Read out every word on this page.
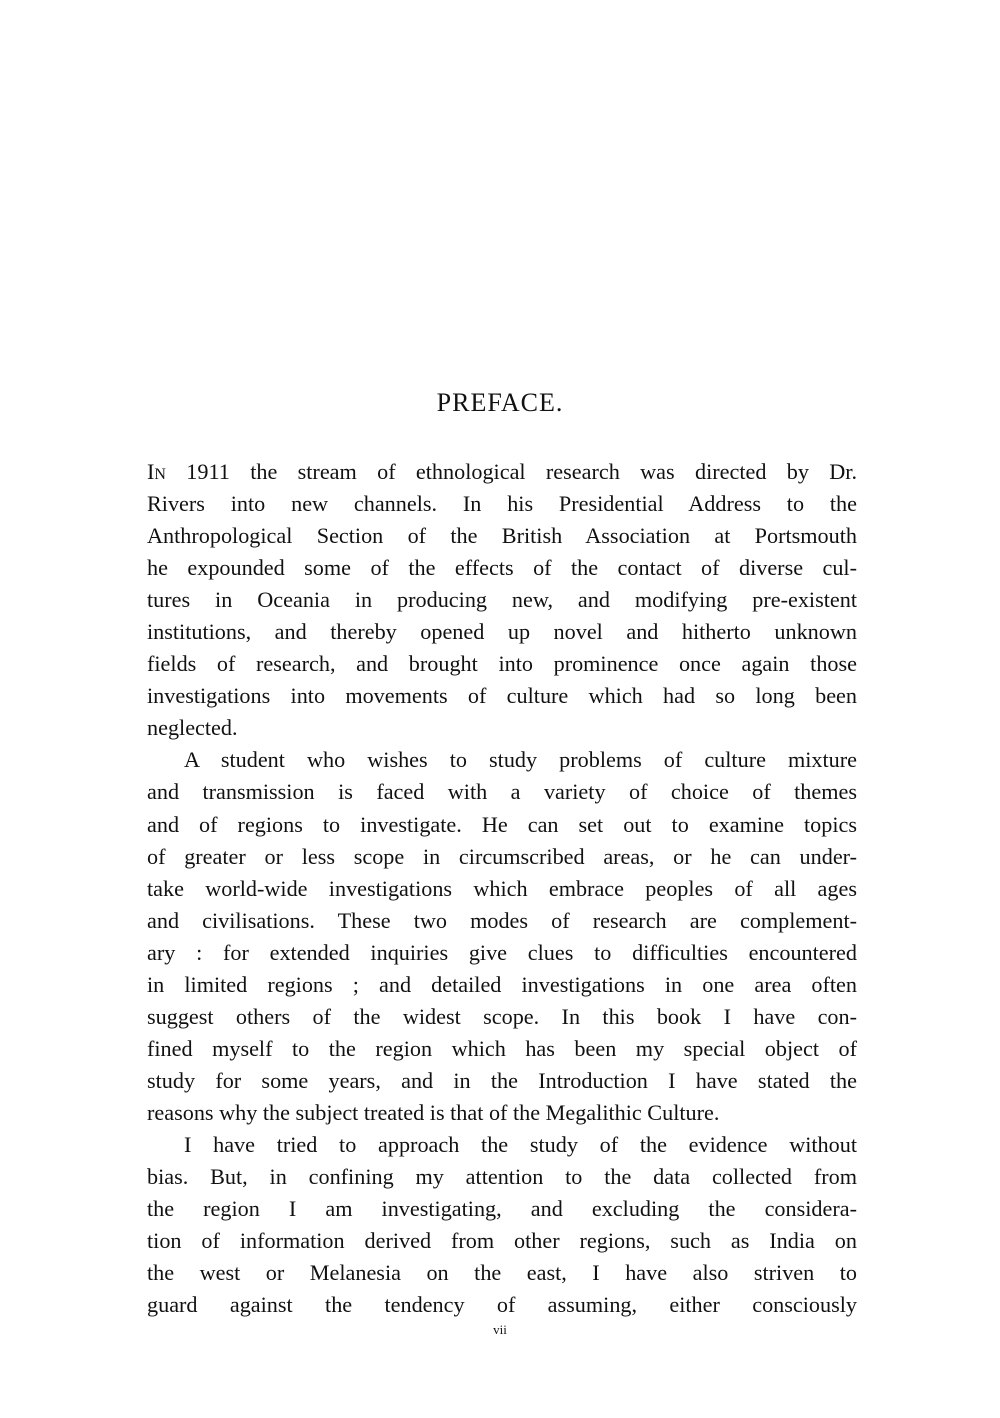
PREFACE.
In 1911 the stream of ethnological research was directed by Dr.
Rivers into new channels. In his Presidential Address to the
Anthropological Section of the British Association at Portsmouth
he expounded some of the effects of the contact of diverse cul-
tures in Oceania in producing new, and modifying pre-existent
institutions, and thereby opened up novel and hitherto unknown
fields of research, and brought into prominence once again those
investigations into movements of culture which had so long been
neglected.
A student who wishes to study problems of culture mixture
and transmission is faced with a variety of choice of themes
and of regions to investigate. He can set out to examine topics
of greater or less scope in circumscribed areas, or he can under-
take world-wide investigations which embrace peoples of all ages
and civilisations. These two modes of research are complement-
ary : for extended inquiries give clues to difficulties encountered
in limited regions ; and detailed investigations in one area often
suggest others of the widest scope. In this book I have con-
fined myself to the region which has been my special object of
study for some years, and in the Introduction I have stated the
reasons why the subject treated is that of the Megalithic Culture.
I have tried to approach the study of the evidence without
bias. But, in confining my attention to the data collected from
the region I am investigating, and excluding the considera-
tion of information derived from other regions, such as India on
the west or Melanesia on the east, I have also striven to
guard against the tendency of assuming, either consciously
vii
